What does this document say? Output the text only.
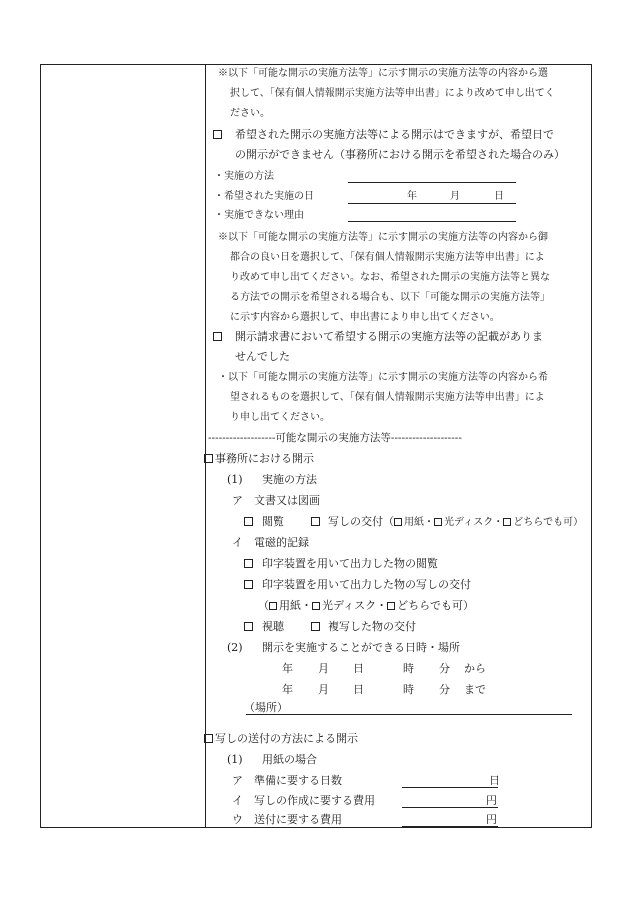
※以下「可能な開示の実施方法等」に示す開示の実施方法等の内容から選
択して、「保有個人情報開示実施方法等申出書」により改めて申し出てく
ださい。
希望された開示の実施方法等による開示はできますが、希望日で
の開示ができません（事務所における開示を希望された場合のみ）
・実施の方法
・希望された実施の日	年	月	日
・実施できない理由
※以下「可能な開示の実施方法等」に示す開示の実施方法等の内容から御
都合の良い日を選択して、「保有個人情報開示実施方法等申出書」によ
り改めて申し出てください。なお、希望された開示の実施方法等と異な
る方法での開示を希望される場合も、以下「可能な開示の実施方法等」
に示す内容から選択して、申出書により申し出てください。
開示請求書において希望する開示の実施方法等の記載がありま
せんでした
・以下「可能な開示の実施方法等」に示す開示の実施方法等の内容から希
望されるものを選択して、「保有個人情報開示実施方法等申出書」によ
り申し出てください。
-------------------可能な開示の実施方法等--------------------
事務所における開示
(1) 実施の方法
ア　文書又は図画
閲覧	写しの交付（ 用紙・ 光ディスク・ どちらでも可）
イ　電磁的記録
印字装置を用いて出力した物の閲覧
印字装置を用いて出力した物の写しの交付
（ 用紙・ 光ディスク・ どちらでも可）
視聴	複写した物の交付
(2) 開示を実施することができる日時・場所
年 月 日	時 分 から
年 月 日	時 分 まで
（場所）
写しの送付の方法による開示
(1) 用紙の場合
ア　準備に要する日数	日
イ　写しの作成に要する費用	円
ウ　送付に要する費用	円
